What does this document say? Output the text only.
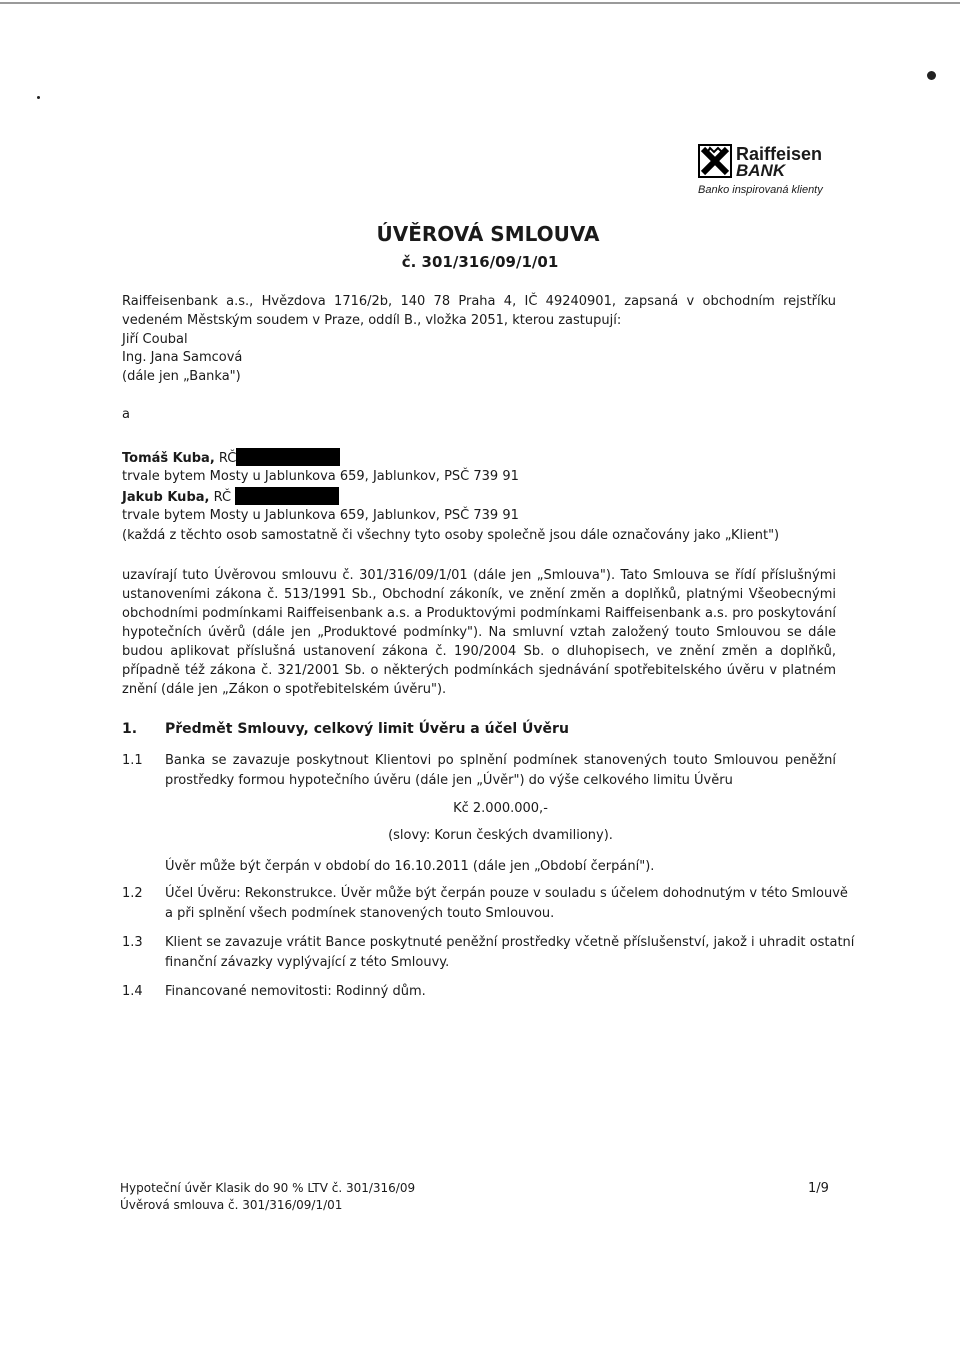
Raiffeisen
BANK
Banko inspirovaná klienty
ÚVĚROVÁ SMLOUVA
č. 301/316/09/1/01
Raiffeisenbank a.s., Hvězdova 1716/2b, 140 78 Praha 4, IČ 49240901, zapsaná v obchodním rejstříku
vedeném Městským soudem v Praze, oddíl B., vložka 2051, kterou zastupují:
Jiří Coubal
Ing. Jana Samcová
(dále jen „Banka")
a
Tomáš Kuba, RČ
trvale bytem Mosty u Jablunkova 659, Jablunkov, PSČ 739 91
Jakub Kuba, RČ
trvale bytem Mosty u Jablunkova 659, Jablunkov, PSČ 739 91
(každá z těchto osob samostatně či všechny tyto osoby společně jsou dále označovány jako „Klient")
uzavírají tuto Úvěrovou smlouvu č. 301/316/09/1/01 (dále jen „Smlouva"). Tato Smlouva se řídí příslušnými
ustanoveními zákona č. 513/1991 Sb., Obchodní zákoník, ve znění změn a doplňků, platnými Všeobecnými
obchodními podmínkami Raiffeisenbank a.s. a Produktovými podmínkami Raiffeisenbank a.s. pro poskytování
hypotečních úvěrů (dále jen „Produktové podmínky"). Na smluvní vztah založený touto Smlouvou se dále
budou aplikovat příslušná ustanovení zákona č. 190/2004 Sb. o dluhopisech, ve znění změn a doplňků,
případně též zákona č. 321/2001 Sb. o některých podmínkách sjednávání spotřebitelského úvěru v platném
znění (dále jen „Zákon o spotřebitelském úvěru").
1. Předmět Smlouvy, celkový limit Úvěru a účel Úvěru
1.1 Banka se zavazuje poskytnout Klientovi po splnění podmínek stanovených touto Smlouvou peněžní
prostředky formou hypotečního úvěru (dále jen „Úvěr") do výše celkového limitu Úvěru
Kč 2.000.000,-
(slovy: Korun českých dvamiliony).
Úvěr může být čerpán v období do 16.10.2011 (dále jen „Období čerpání").
1.2 Účel Úvěru: Rekonstrukce. Úvěr může být čerpán pouze v souladu s účelem dohodnutým v této Smlouvě
a při splnění všech podmínek stanovených touto Smlouvou.
1.3 Klient se zavazuje vrátit Bance poskytnuté peněžní prostředky včetně příslušenství, jakož i uhradit ostatní
finanční závazky vyplývající z této Smlouvy.
1.4 Financované nemovitosti: Rodinný dům.
Hypoteční úvěr Klasik do 90 % LTV č. 301/316/09
Úvěrová smlouva č. 301/316/09/1/01
1/9
